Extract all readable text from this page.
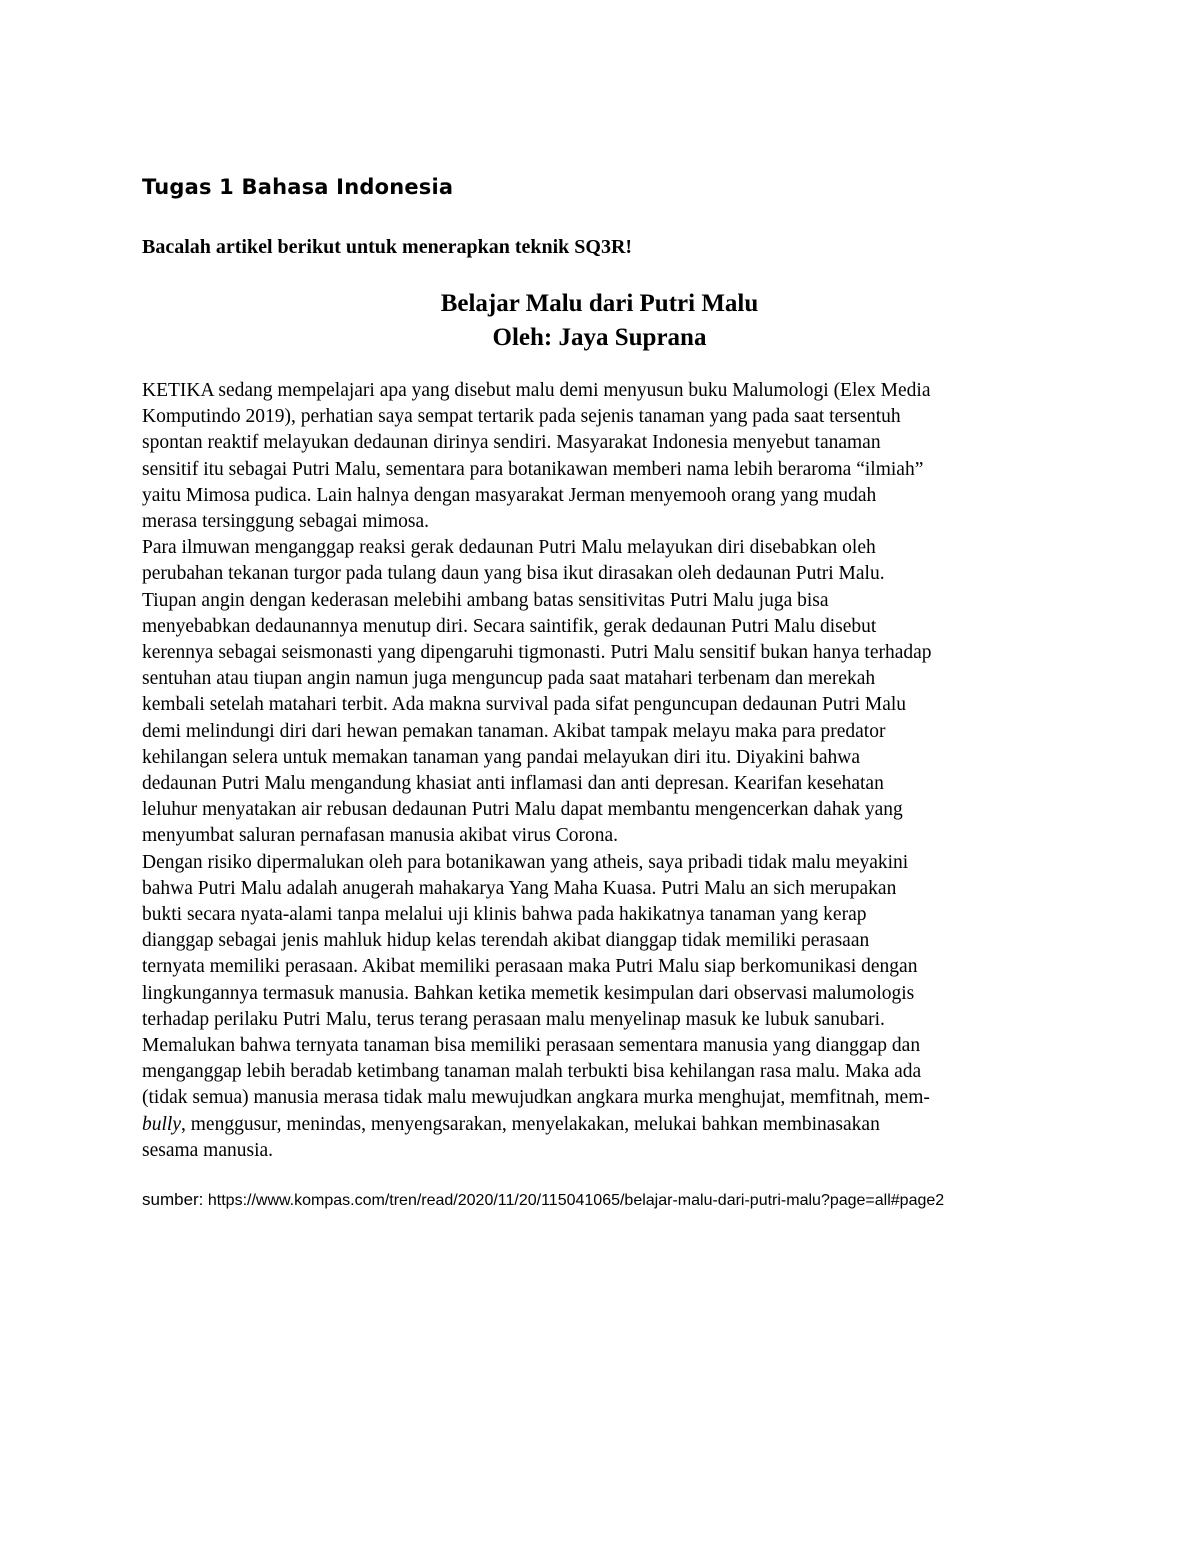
Tugas 1 Bahasa Indonesia

Bacalah artikel berikut untuk menerapkan teknik SQ3R!

Belajar Malu dari Putri Malu
Oleh: Jaya Suprana

KETIKA sedang mempelajari apa yang disebut malu demi menyusun buku Malumologi (Elex Media

Komputindo 2019), perhatian saya sempat tertarik pada sejenis tanaman yang pada saat tersentuh

spontan reaktif melayukan dedaunan dirinya sendiri. Masyarakat Indonesia menyebut tanaman

sensitif itu sebagai Putri Malu, sementara para botanikawan memberi nama lebih beraroma “ilmiah”

yaitu Mimosa pudica. Lain halnya dengan masyarakat Jerman menyemooh orang yang mudah

merasa tersinggung sebagai mimosa.

Para ilmuwan menganggap reaksi gerak dedaunan Putri Malu melayukan diri disebabkan oleh

perubahan tekanan turgor pada tulang daun yang bisa ikut dirasakan oleh dedaunan Putri Malu.

Tiupan angin dengan kederasan melebihi ambang batas sensitivitas Putri Malu juga bisa

menyebabkan dedaunannya menutup diri. Secara saintifik, gerak dedaunan Putri Malu disebut

kerennya sebagai seismonasti yang dipengaruhi tigmonasti. Putri Malu sensitif bukan hanya terhadap

sentuhan atau tiupan angin namun juga menguncup pada saat matahari terbenam dan merekah

kembali setelah matahari terbit. Ada makna survival pada sifat penguncupan dedaunan Putri Malu

demi melindungi diri dari hewan pemakan tanaman. Akibat tampak melayu maka para predator

kehilangan selera untuk memakan tanaman yang pandai melayukan diri itu. Diyakini bahwa

dedaunan Putri Malu mengandung khasiat anti inflamasi dan anti depresan. Kearifan kesehatan

leluhur menyatakan air rebusan dedaunan Putri Malu dapat membantu mengencerkan dahak yang

menyumbat saluran pernafasan manusia akibat virus Corona.

Dengan risiko dipermalukan oleh para botanikawan yang atheis, saya pribadi tidak malu meyakini

bahwa Putri Malu adalah anugerah mahakarya Yang Maha Kuasa. Putri Malu an sich merupakan

bukti secara nyata-alami tanpa melalui uji klinis bahwa pada hakikatnya tanaman yang kerap

dianggap sebagai jenis mahluk hidup kelas terendah akibat dianggap tidak memiliki perasaan

ternyata memiliki perasaan. Akibat memiliki perasaan maka Putri Malu siap berkomunikasi dengan

lingkungannya termasuk manusia. Bahkan ketika memetik kesimpulan dari observasi malumologis

terhadap perilaku Putri Malu, terus terang perasaan malu menyelinap masuk ke lubuk sanubari.

Memalukan bahwa ternyata tanaman bisa memiliki perasaan sementara manusia yang dianggap dan

menganggap lebih beradab ketimbang tanaman malah terbukti bisa kehilangan rasa malu. Maka ada

(tidak semua) manusia merasa tidak malu mewujudkan angkara murka menghujat, memfitnah, mem-

bully, menggusur, menindas, menyengsarakan, menyelakakan, melukai bahkan membinasakan

sesama manusia.

sumber: https://www.kompas.com/tren/read/2020/11/20/115041065/belajar-malu-dari-putri-malu?page=all#page2
